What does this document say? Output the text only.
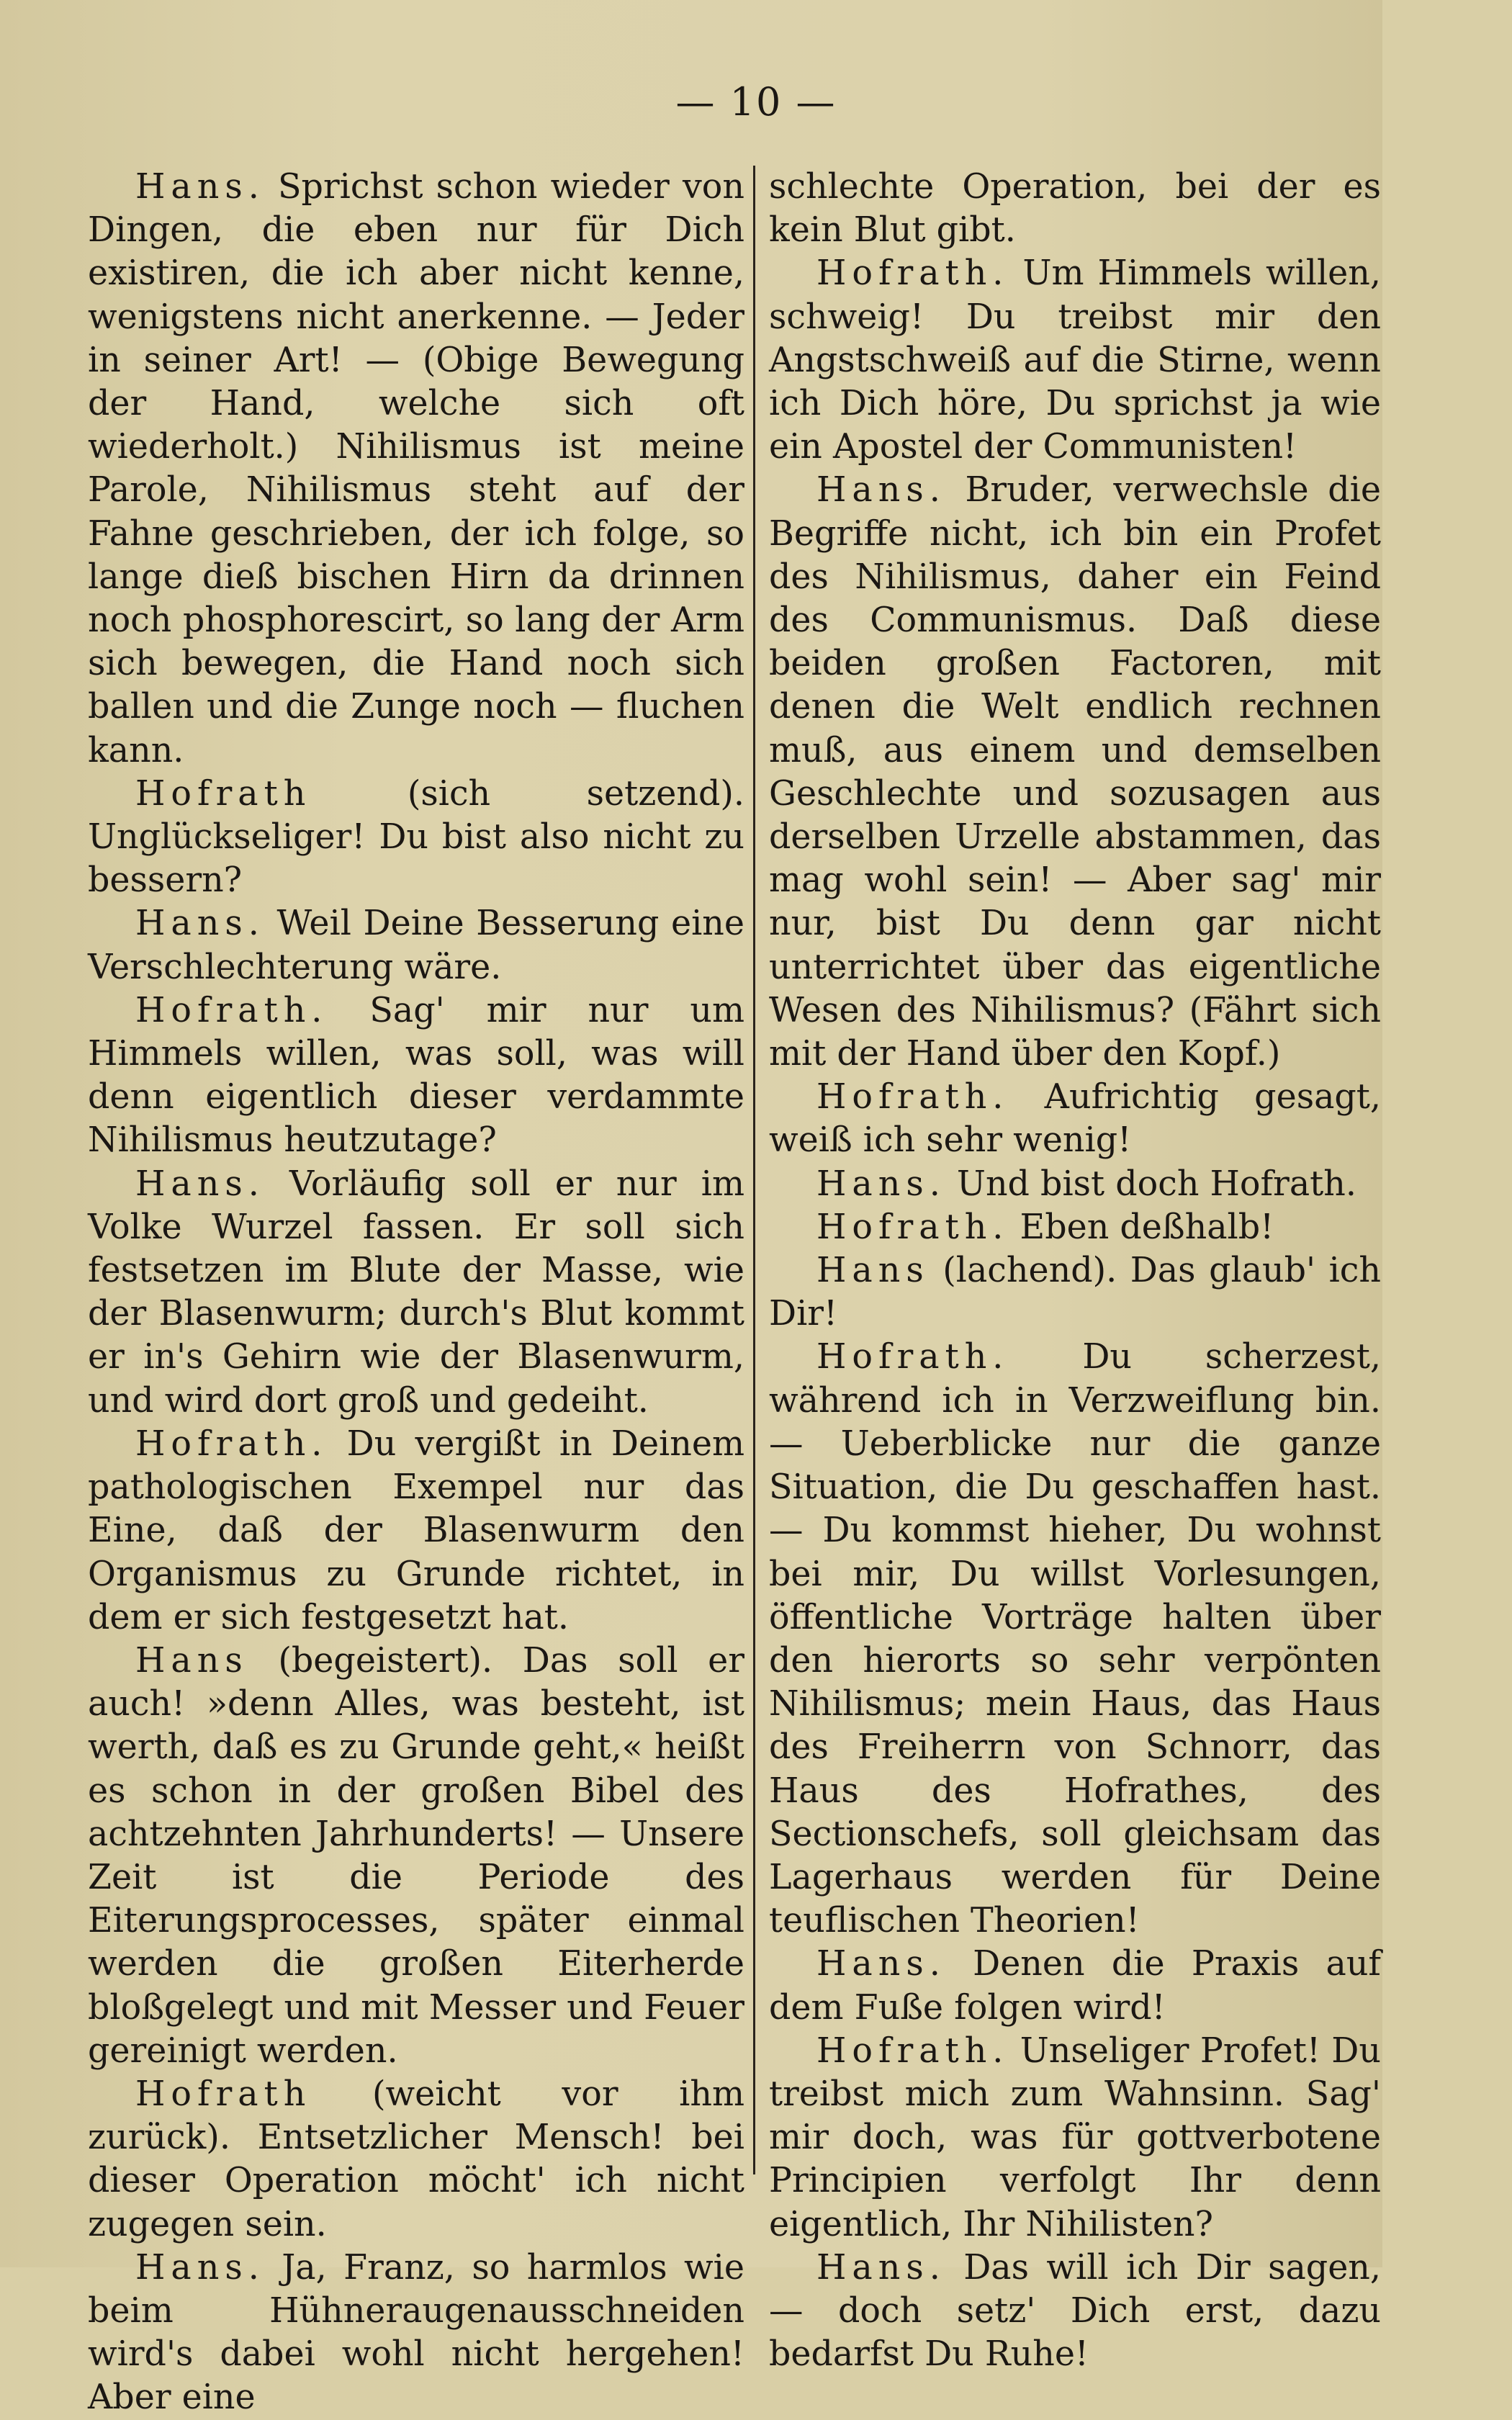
— 10 —

Hans. Sprichst schon wieder von Dingen, die eben nur für Dich existiren, die ich aber nicht kenne, wenigstens nicht anerkenne. — Jeder in seiner Art! — (Obige Bewegung der Hand, welche sich oft wiederholt.) Nihilismus ist meine Parole, Nihilismus steht auf der Fahne geschrieben, der ich folge, so lange dieß bischen Hirn da drinnen noch phosphorescirt, so lang der Arm sich bewegen, die Hand noch sich ballen und die Zunge noch — fluchen kann.

Hofrath	(sich setzend). Unglückseliger! Du bist also nicht zu bessern?

Hans. Weil Deine Besserung eine Verschlechterung wäre.

Hofrath. Sag' mir nur um Himmels willen, was soll, was will denn eigentlich dieser verdammte Nihilismus heutzutage?

Hans. Vorläufig soll er nur im Volke Wurzel fassen. Er soll sich festsetzen im Blute der Masse, wie der Blasenwurm; durch's Blut kommt er in's Gehirn wie der Blasenwurm, und wird dort groß und gedeiht.

Hofrath. Du vergißt in Deinem pathologischen Exempel nur das Eine, daß der Blasenwurm den Organismus zu Grunde richtet, in dem er sich festgesetzt hat.

Hans (begeistert). Das soll er auch! »denn Alles, was besteht, ist werth, daß es zu Grunde geht,« heißt es schon in der großen Bibel des achtzehnten Jahrhunderts! — Unsere Zeit ist die Periode des Eiterungsprocesses, später einmal werden die großen Eiterherde bloßgelegt und mit Messer und Feuer gereinigt werden.

Hofrath (weicht vor ihm zurück). Entsetzlicher Mensch! bei dieser Operation möcht' ich nicht zugegen sein.

Hans. Ja, Franz, so harmlos wie beim Hühneraugenausschneiden wird's dabei wohl nicht hergehen! Aber eine

schlechte Operation, bei der es kein Blut gibt.

Hofrath. Um Himmels willen, schweig! Du treibst mir den Angstschweiß auf die Stirne, wenn ich Dich höre, Du sprichst ja wie ein Apostel der Communisten!

Hans. Bruder, verwechsle die Begriffe nicht, ich bin ein Profet des Nihilismus, daher ein Feind des Communismus. Daß diese beiden großen Factoren, mit denen die Welt endlich rechnen muß, aus einem und demselben Geschlechte und sozusagen aus derselben Urzelle abstammen, das mag wohl sein! — Aber sag' mir nur, bist Du denn gar nicht unterrichtet über das eigentliche Wesen des Nihilismus? (Fährt sich mit der Hand über den Kopf.)

Hofrath. Aufrichtig gesagt, weiß ich sehr wenig!

Hans. Und bist doch Hofrath.

Hofrath. Eben deßhalb!

Hans (lachend). Das glaub' ich Dir!

Hofrath. Du scherzest, während ich in Verzweiflung bin. — Ueberblicke nur die ganze Situation, die Du geschaffen hast. — Du kommst hieher, Du wohnst bei mir, Du willst Vorlesungen, öffentliche Vorträge halten über den hierorts so sehr verpönten Nihilismus; mein Haus, das Haus des Freiherrn von Schnorr, das Haus des Hofrathes, des Sectionschefs, soll gleichsam das Lagerhaus werden für Deine teuflischen Theorien!

Hans. Denen die Praxis auf dem Fuße folgen wird!

Hofrath. Unseliger Profet! Du treibst mich zum Wahnsinn. Sag' mir doch, was für gottverbotene Principien verfolgt Ihr denn eigentlich, Ihr Nihilisten?

Hans. Das will ich Dir sagen, — doch setz' Dich erst, dazu bedarfst Du Ruhe!
